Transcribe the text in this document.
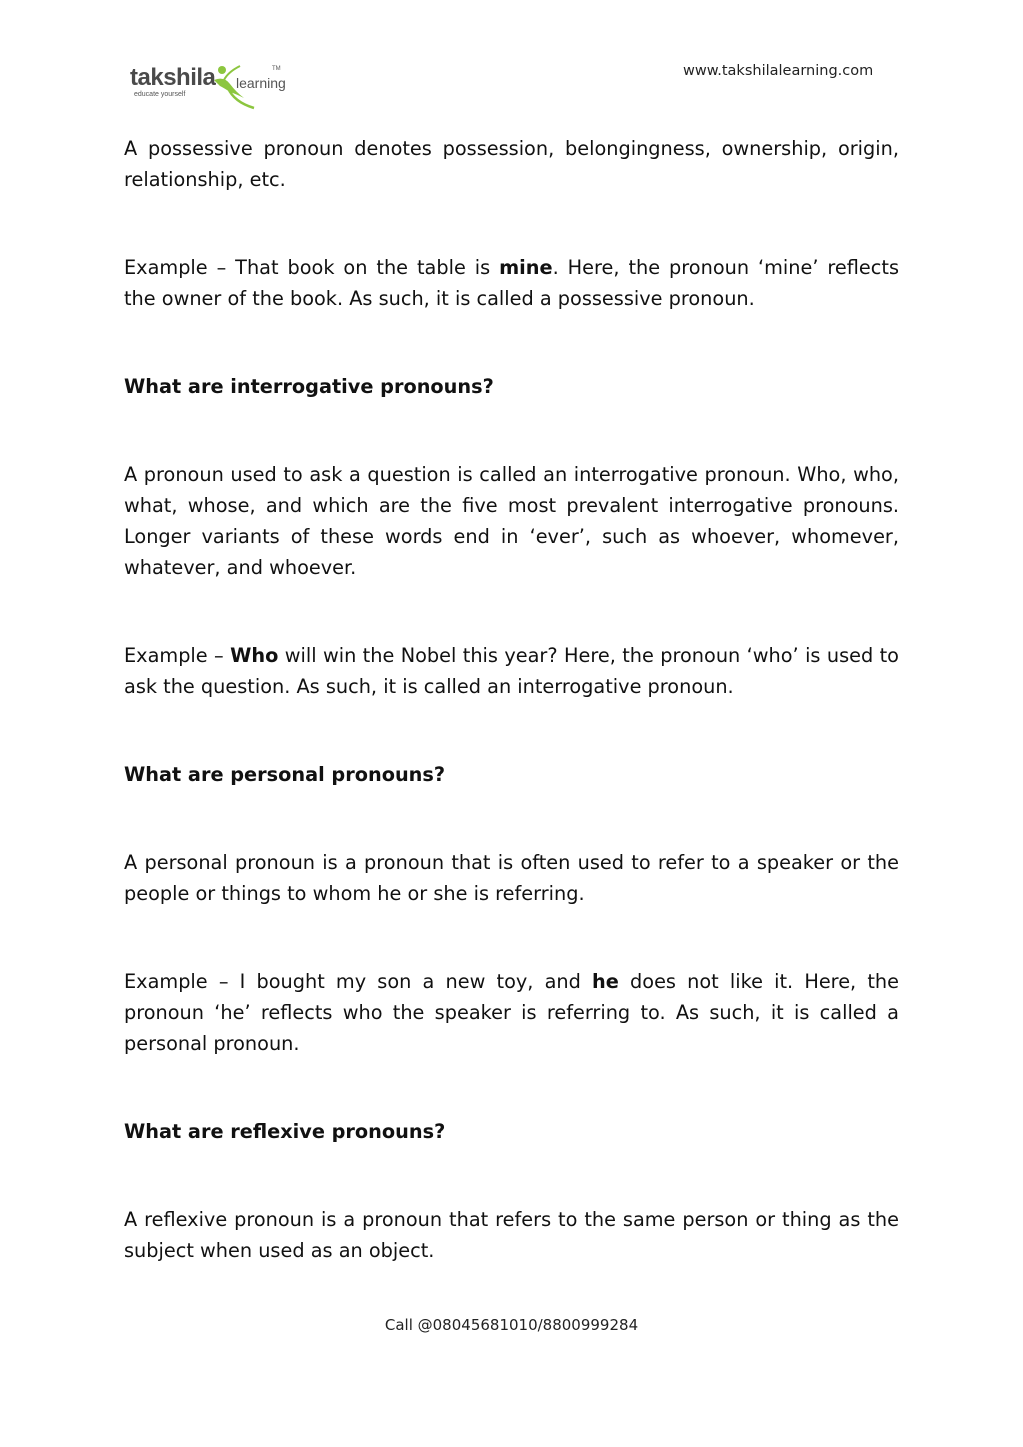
takshila learning
TM
educate yourself
www.takshilalearning.com

A possessive pronoun denotes possession, belongingness, ownership, origin, relationship, etc.

Example – That book on the table is mine. Here, the pronoun ‘mine’ reflects the owner of the book. As such, it is called a possessive pronoun.

What are interrogative pronouns?

A pronoun used to ask a question is called an interrogative pronoun. Who, who, what, whose, and which are the five most prevalent interrogative pronouns. Longer variants of these words end in ‘ever’, such as whoever, whomever, whatever, and whoever.

Example – Who will win the Nobel this year? Here, the pronoun ‘who’ is used to ask the question. As such, it is called an interrogative pronoun.

What are personal pronouns?

A personal pronoun is a pronoun that is often used to refer to a speaker or the people or things to whom he or she is referring.

Example – I bought my son a new toy, and he does not like it. Here, the pronoun ‘he’ reflects who the speaker is referring to. As such, it is called a personal pronoun.

What are reflexive pronouns?

A reflexive pronoun is a pronoun that refers to the same person or thing as the subject when used as an object.

Call @08045681010/8800999284
